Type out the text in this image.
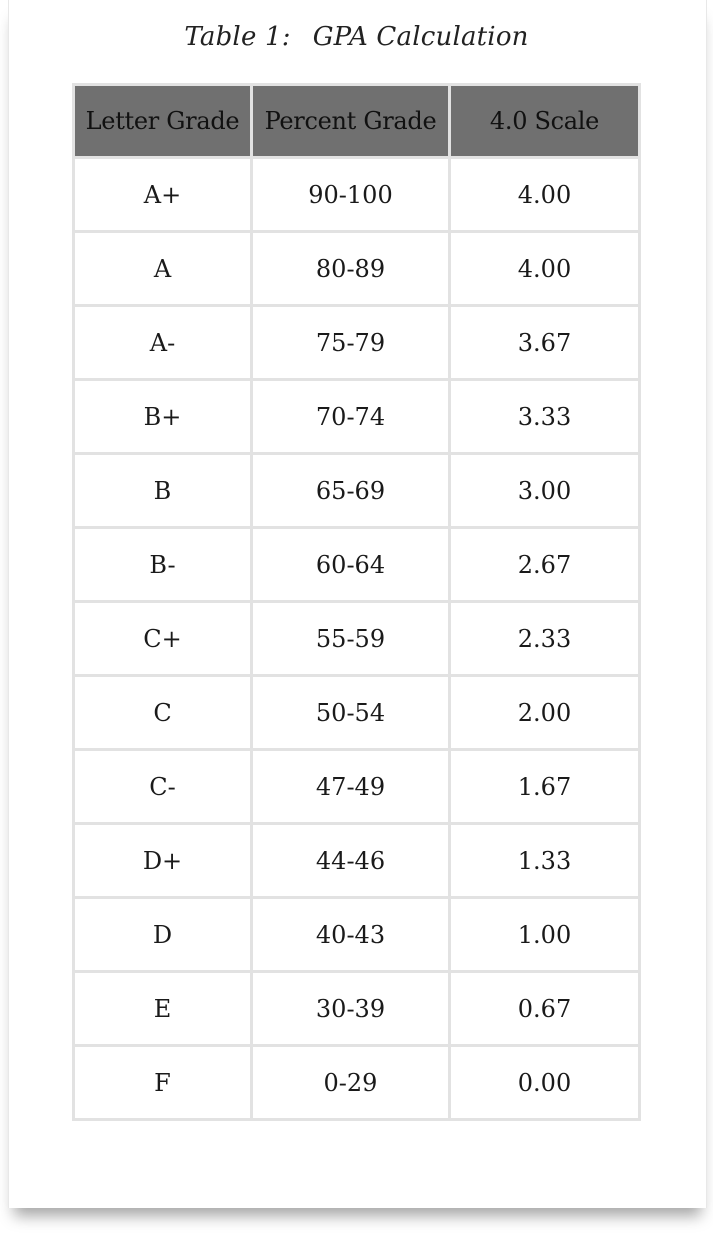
Table 1: GPA Calculation
Letter Grade	Percent Grade	4.0 Scale
A+	90-100	4.00
A	80-89	4.00
A-	75-79	3.67
B+	70-74	3.33
B	65-69	3.00
B-	60-64	2.67
C+	55-59	2.33
C	50-54	2.00
C-	47-49	1.67
D+	44-46	1.33
D	40-43	1.00
E	30-39	0.67
F	0-29	0.00
